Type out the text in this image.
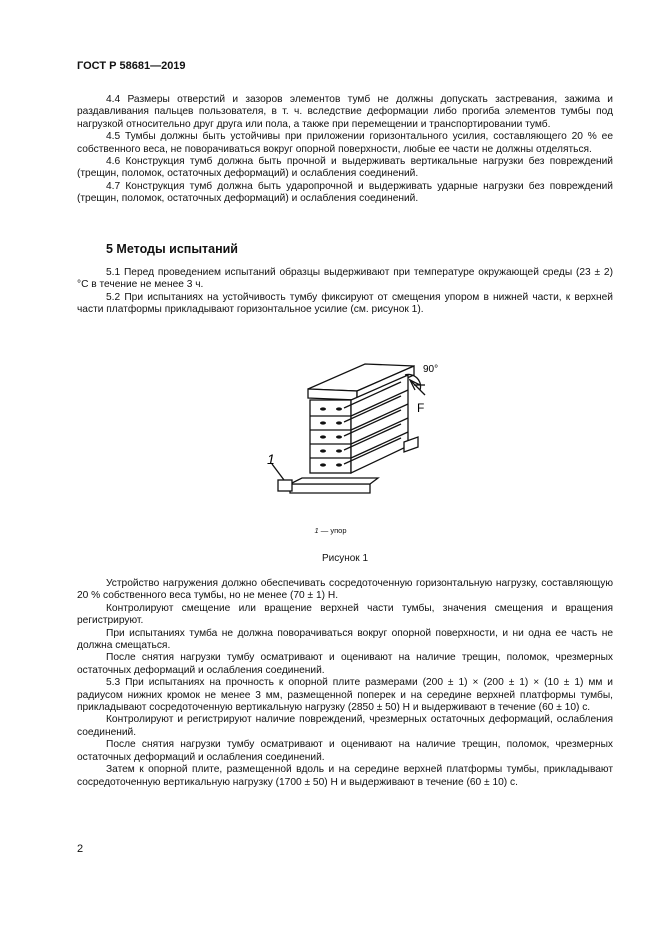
ГОСТ Р 58681—2019

4.4 Размеры отверстий и зазоров элементов тумб не должны допускать застревания, зажима и раздавливания пальцев пользователя, в т. ч. вследствие деформации либо прогиба элементов тумбы под нагрузкой относительно друг друга или пола, а также при перемещении и транспортировании тумб.

4.5 Тумбы должны быть устойчивы при приложении горизонтального усилия, составляющего 20 % ее собственного веса, не поворачиваться вокруг опорной поверхности, любые ее части не должны отделяться.

4.6 Конструкция тумб должна быть прочной и выдерживать вертикальные нагрузки без повреждений (трещин, поломок, остаточных деформаций) и ослабления соединений.

4.7 Конструкция тумб должна быть ударопрочной и выдерживать ударные нагрузки без повреждений (трещин, поломок, остаточных деформаций) и ослабления соединений.

5 Методы испытаний

5.1 Перед проведением испытаний образцы выдерживают при температуре окружающей среды (23 ± 2) °С в течение не менее 3 ч.

5.2 При испытаниях на устойчивость тумбу фиксируют от смещения упором в нижней части, к верхней части платформы прикладывают горизонтальное усилие (см. рисунок 1).

90°
F
1
1 — упор
Рисунок 1

Устройство нагружения должно обеспечивать сосредоточенную горизонтальную нагрузку, составляющую 20 % собственного веса тумбы, но не менее (70 ± 1) Н.

Контролируют смещение или вращение верхней части тумбы, значения смещения и вращения регистрируют.

При испытаниях тумба не должна поворачиваться вокруг опорной поверхности, и ни одна ее часть не должна смещаться.

После снятия нагрузки тумбу осматривают и оценивают на наличие трещин, поломок, чрезмерных остаточных деформаций и ослабления соединений.

5.3 При испытаниях на прочность к опорной плите размерами (200 ± 1) × (200 ± 1) × (10 ± 1) мм и радиусом нижних кромок не менее 3 мм, размещенной поперек и на середине верхней платформы тумбы, прикладывают сосредоточенную вертикальную нагрузку (2850 ± 50) Н и выдерживают в течение (60 ± 10) с.

Контролируют и регистрируют наличие повреждений, чрезмерных остаточных деформаций, ослабления соединений.

После снятия нагрузки тумбу осматривают и оценивают на наличие трещин, поломок, чрезмерных остаточных деформаций и ослабления соединений.

Затем к опорной плите, размещенной вдоль и на середине верхней платформы тумбы, прикладывают сосредоточенную вертикальную нагрузку (1700 ± 50) Н и выдерживают в течение (60 ± 10) с.

2
